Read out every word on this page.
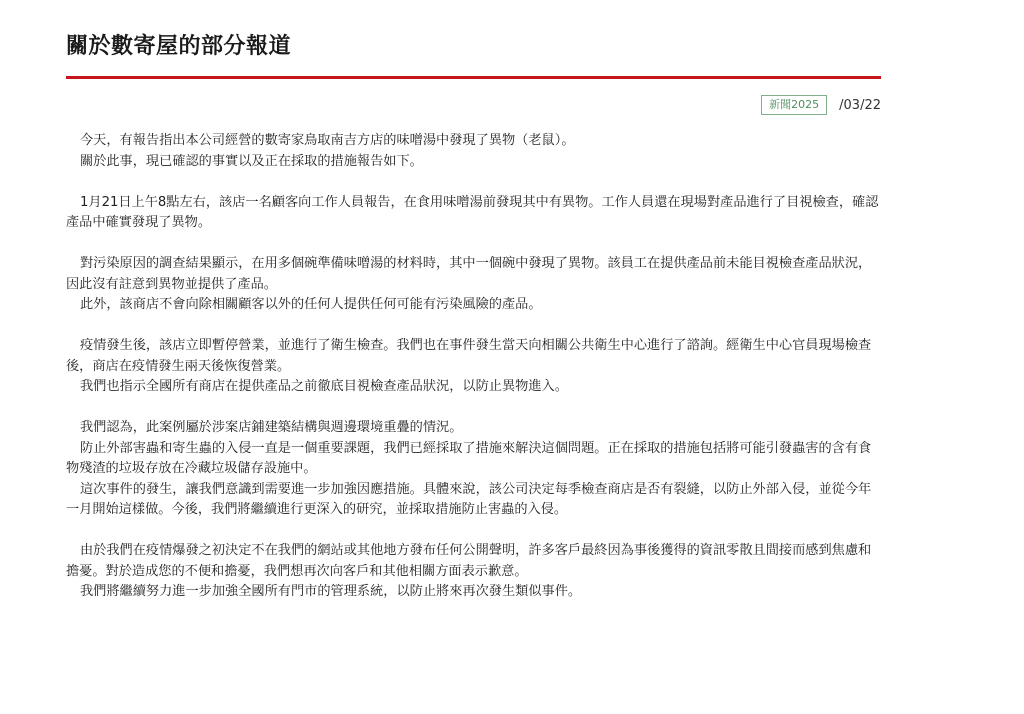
關於數寄屋的部分報道
新聞2025	/03/22

今天，有報告指出本公司經營的數寄家鳥取南吉方店的味噌湯中發現了異物（老鼠）。

關於此事，現已確認的事實以及正在採取的措施報告如下。

1月21日上午8點左右，該店一名顧客向工作人員報告，在食用味噌湯前發現其中有異物。工作人員還在現場對產品進行了目視檢查，確認產品中確實發現了異物。

對污染原因的調查結果顯示，在用多個碗準備味噌湯的材料時，其中一個碗中發現了異物。該員工在提供產品前未能目視檢查產品狀況，因此沒有註意到異物並提供了產品。

此外，該商店不會向除相關顧客以外的任何人提供任何可能有污染風險的產品。

疫情發生後，該店立即暫停營業，並進行了衛生檢查。我們也在事件發生當天向相關公共衛生中心進行了諮詢。經衛生中心官員現場檢查後，商店在疫情發生兩天後恢復營業。

我們也指示全國所有商店在提供產品之前徹底目視檢查產品狀況，以防止異物進入。

我們認為，此案例屬於涉案店鋪建築結構與週邊環境重疊的情況。

防止外部害蟲和寄生蟲的入侵一直是一個重要課題，我們已經採取了措施來解決這個問題。正在採取的措施包括將可能引發蟲害的含有食物殘渣的垃圾存放在冷藏垃圾儲存設施中。

這次事件的發生，讓我們意識到需要進一步加強因應措施。具體來說，該公司決定每季檢查商店是否有裂縫，以防止外部入侵，並從今年一月開始這樣做。今後，我們將繼續進行更深入的研究，並採取措施防止害蟲的入侵。

由於我們在疫情爆發之初決定不在我們的網站或其他地方發布任何公開聲明，許多客戶最終因為事後獲得的資訊零散且間接而感到焦慮和擔憂。對於造成您的不便和擔憂，我們想再次向客戶和其他相關方面表示歉意。

我們將繼續努力進一步加強全國所有門市的管理系統，以防止將來再次發生類似事件。
